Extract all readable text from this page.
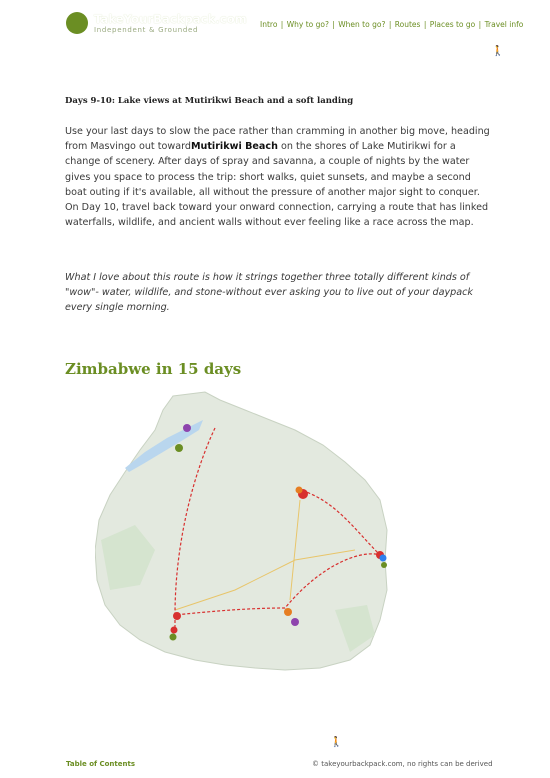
TakeYourBackpack.com
Independent & Grounded
Intro | Why to go? | When to go? | Routes | Places to go | Travel info
🚶
Days 9-10: Lake views at Mutirikwi Beach and a soft landing
Use your last days to slow the pace rather than cramming in another big move, heading from Masvingo out towardMutirikwi Beach on the shores of Lake Mutirikwi for a change of scenery. After days of spray and savanna, a couple of nights by the water gives you space to process the trip: short walks, quiet sunsets, and maybe a second boat outing if it's available, all without the pressure of another major sight to conquer. On Day 10, travel back toward your onward connection, carrying a route that has linked waterfalls, wildlife, and ancient walls without ever feeling like a race across the map.
What I love about this route is how it strings together three totally different kinds of "wow"- water, wildlife, and stone-without ever asking you to live out of your daypack every single morning.
Zimbabwe in 15 days
🚶
Table of Contents	© takeyourbackpack.com, no rights can be derived
